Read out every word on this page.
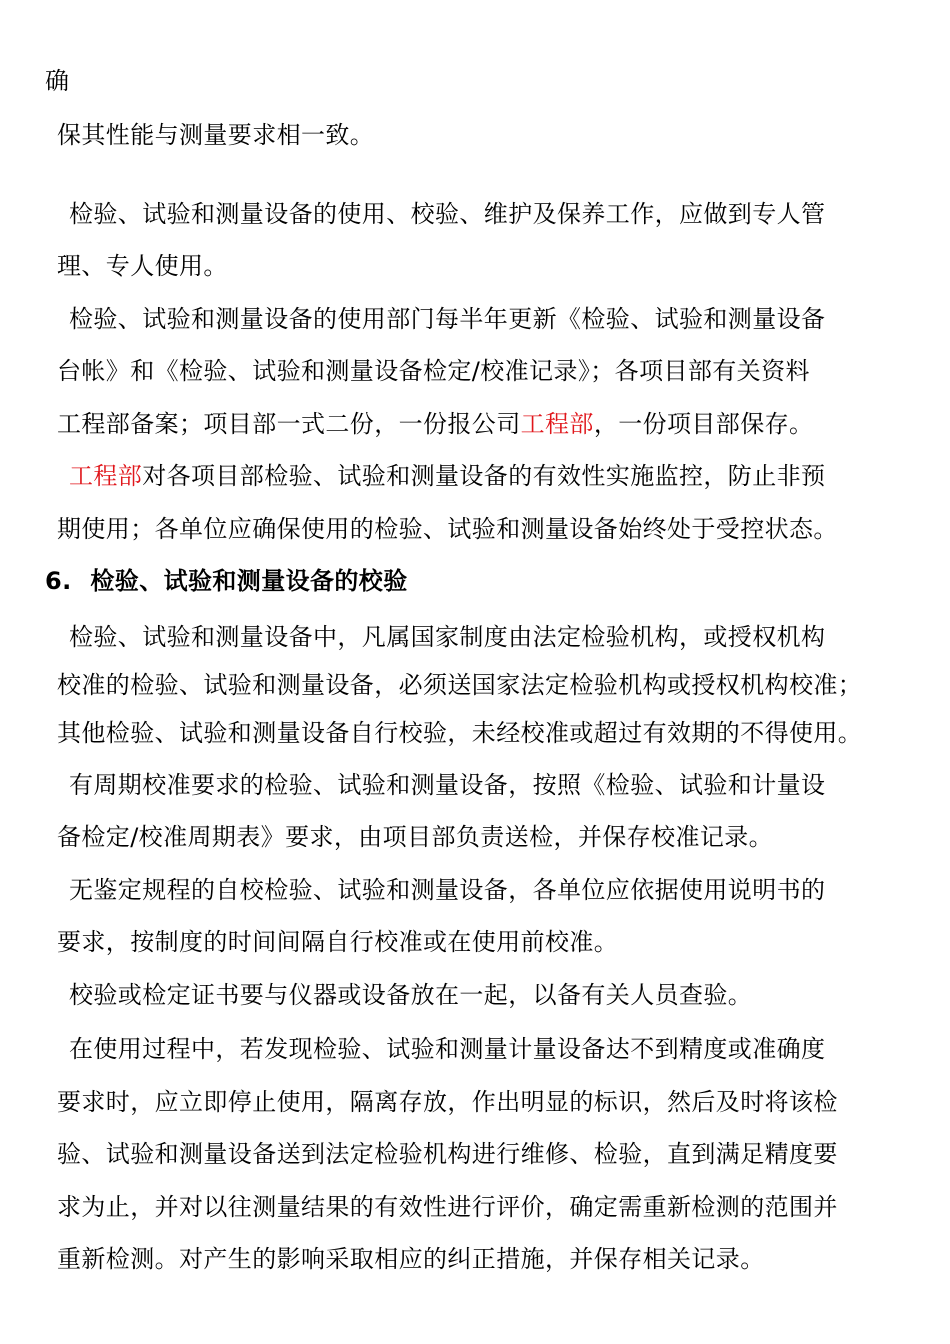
确
保其性能与测量要求相一致。
检验、试验和测量设备的使用、校验、维护及保养工作，应做到专人管
理、专人使用。
检验、试验和测量设备的使用部门每半年更新《检验、试验和测量设备
台帐》和《检验、试验和测量设备检定/校准记录》；各项目部有关资料
工程部备案；项目部一式二份，一份报公司工程部，一份项目部保存。
工程部对各项目部检验、试验和测量设备的有效性实施监控，防止非预
期使用；各单位应确保使用的检验、试验和测量设备始终处于受控状态。
6. 检验、试验和测量设备的校验
检验、试验和测量设备中，凡属国家制度由法定检验机构，或授权机构
校准的检验、试验和测量设备，必须送国家法定检验机构或授权机构校准；
其他检验、试验和测量设备自行校验，未经校准或超过有效期的不得使用。
有周期校准要求的检验、试验和测量设备，按照《检验、试验和计量设
备检定/校准周期表》要求，由项目部负责送检，并保存校准记录。
无鉴定规程的自校检验、试验和测量设备，各单位应依据使用说明书的
要求，按制度的时间间隔自行校准或在使用前校准。
校验或检定证书要与仪器或设备放在一起，以备有关人员查验。
在使用过程中，若发现检验、试验和测量计量设备达不到精度或准确度
要求时，应立即停止使用，隔离存放，作出明显的标识，然后及时将该检
验、试验和测量设备送到法定检验机构进行维修、检验，直到满足精度要
求为止，并对以往测量结果的有效性进行评价，确定需重新检测的范围并
重新检测。对产生的影响采取相应的纠正措施，并保存相关记录。
